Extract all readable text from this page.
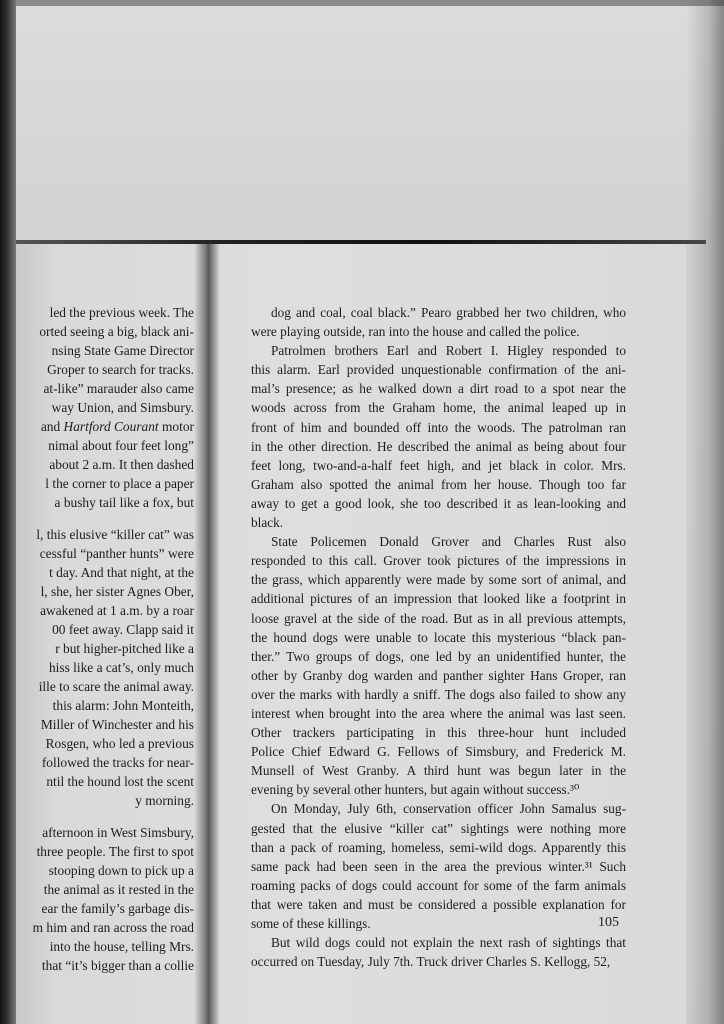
led the previous week. The
orted seeing a big, black ani-
nsing State Game Director
Groper to search for tracks.
at-like” marauder also came
way Union, and Simsbury.
and Hartford Courant motor
nimal about four feet long”
about 2 a.m. It then dashed
l the corner to place a paper
a bushy tail like a fox, but
l, this elusive “killer cat” was
cessful “panther hunts” were
t day. And that night, at the
l, she, her sister Agnes Ober,
awakened at 1 a.m. by a roar
00 feet away. Clapp said it
r but higher-pitched like a
hiss like a cat’s, only much
ille to scare the animal away.
this alarm: John Monteith,
Miller of Winchester and his
Rosgen, who led a previous
followed the tracks for near-
ntil the hound lost the scent
y morning.
afternoon in West Simsbury,
three people. The first to spot
stooping down to pick up a
the animal as it rested in the
ear the family’s garbage dis-
m him and ran across the road
into the house, telling Mrs.
that “it’s bigger than a collie
dog and coal, coal black.” Pearo grabbed her two children, who
were playing outside, ran into the house and called the police.
Patrolmen brothers Earl and Robert I. Higley responded to
this alarm. Earl provided unquestionable confirmation of the ani-
mal’s presence; as he walked down a dirt road to a spot near the
woods across from the Graham home, the animal leaped up in
front of him and bounded off into the woods. The patrolman ran
in the other direction. He described the animal as being about four
feet long, two-and-a-half feet high, and jet black in color. Mrs.
Graham also spotted the animal from her house. Though too far
away to get a good look, she too described it as lean-looking and
black.
State Policemen Donald Grover and Charles Rust also
responded to this call. Grover took pictures of the impressions in
the grass, which apparently were made by some sort of animal, and
additional pictures of an impression that looked like a footprint in
loose gravel at the side of the road. But as in all previous attempts,
the hound dogs were unable to locate this mysterious “black pan-
ther.” Two groups of dogs, one led by an unidentified hunter, the
other by Granby dog warden and panther sighter Hans Groper, ran
over the marks with hardly a sniff. The dogs also failed to show any
interest when brought into the area where the animal was last seen.
Other trackers participating in this three-hour hunt included
Police Chief Edward G. Fellows of Simsbury, and Frederick M.
Munsell of West Granby. A third hunt was begun later in the
evening by several other hunters, but again without success.³⁰
On Monday, July 6th, conservation officer John Samalus sug-
gested that the elusive “killer cat” sightings were nothing more
than a pack of roaming, homeless, semi-wild dogs. Apparently this
same pack had been seen in the area the previous winter.³¹ Such
roaming packs of dogs could account for some of the farm animals
that were taken and must be considered a possible explanation for
some of these killings.
But wild dogs could not explain the next rash of sightings that
occurred on Tuesday, July 7th. Truck driver Charles S. Kellogg, 52,
105
